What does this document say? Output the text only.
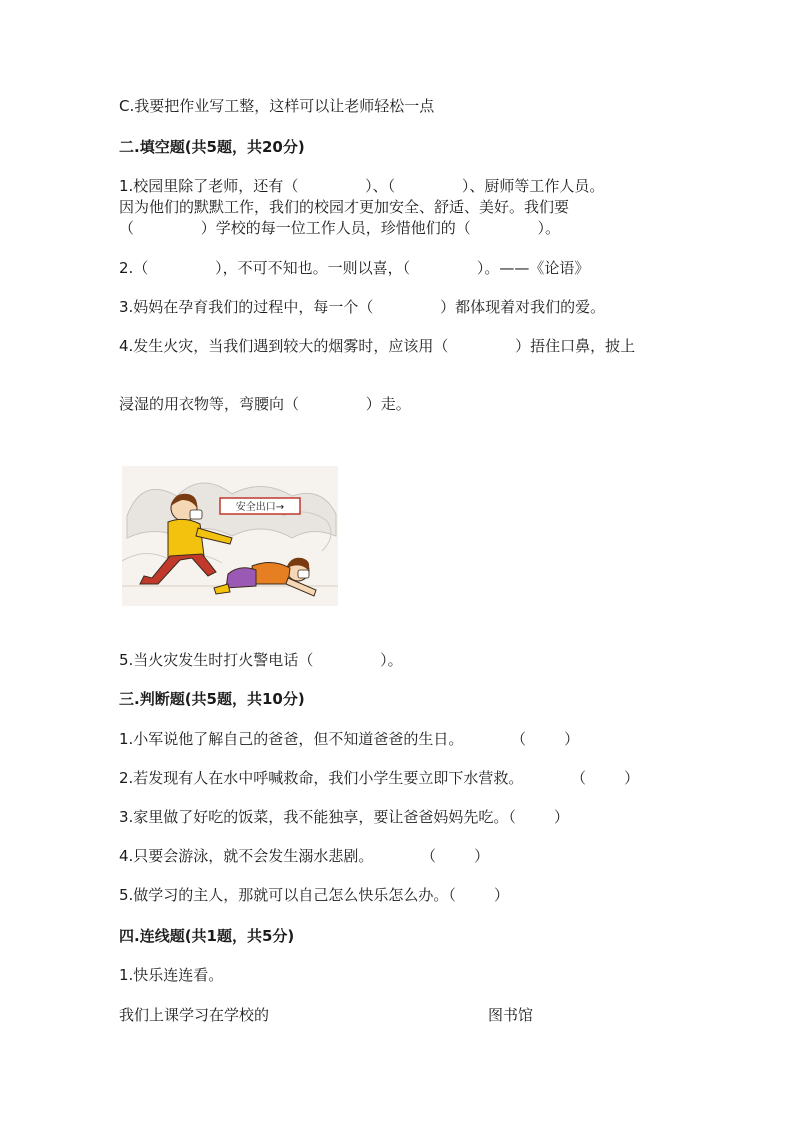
C.我要把作业写工整，这样可以让老师轻松一点
二.填空题(共5题，共20分)
1.校园里除了老师，还有（              ）、（              ）、厨师等工作人员。
因为他们的默默工作，我们的校园才更加安全、舒适、美好。我们要
（              ）学校的每一位工作人员，珍惜他们的（              ）。
2.（              ），不可不知也。一则以喜，（              ）。——《论语》
3.妈妈在孕育我们的过程中，每一个（              ）都体现着对我们的爱。
4.发生火灾，当我们遇到较大的烟雾时，应该用（              ）捂住口鼻，披上
浸湿的用衣物等，弯腰向（              ）走。
安全出口→
5.当火灾发生时打火警电话（              ）。
三.判断题(共5题，共10分)
1.小军说他了解自己的爸爸，但不知道爸爸的生日。          （        ）
2.若发现有人在水中呼喊救命，我们小学生要立即下水营救。          （        ）
3.家里做了好吃的饭菜，我不能独享，要让爸爸妈妈先吃。（        ）
4.只要会游泳，就不会发生溺水悲剧。          （        ）
5.做学习的主人，那就可以自己怎么快乐怎么办。（        ）
四.连线题(共1题，共5分)
1.快乐连连看。
我们上课学习在学校的	图书馆
